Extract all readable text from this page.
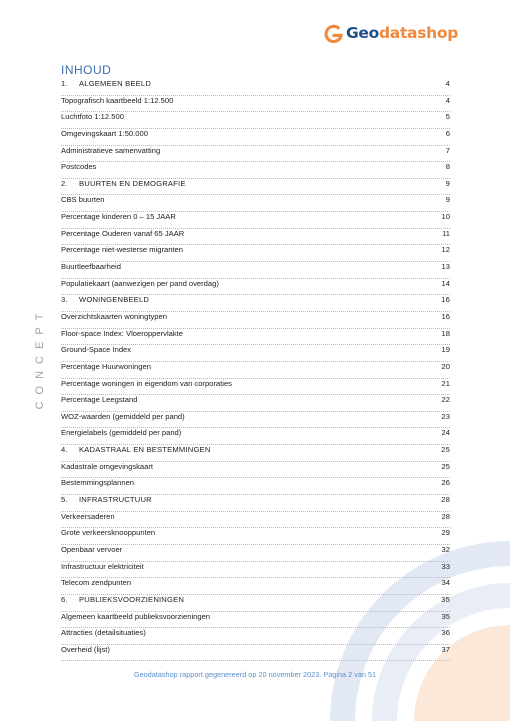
Geodatashop
CONCEPT
INHOUD
1.	ALGEMEEN BEELD	4
Topografisch kaartbeeld 1:12.500	4
Luchtfoto 1:12.500	5
Omgevingskaart 1:50.000	6
Administratieve samenvatting	7
Postcodes	8
2.	BUURTEN EN DEMOGRAFIE	9
CBS buurten	9
Percentage kinderen 0 – 15 JAAR	10
Percentage Ouderen vanaf 65 JAAR	11
Percentage niet-westerse migranten	12
Buurtleefbaarheid	13
Populatiekaart (aanwezigen per pand overdag)	14
3.	WONINGENBEELD	16
Overzichtskaarten woningtypen	16
Floor-space Index: Vloeroppervlakte	18
Ground-Space Index	19
Percentage Huurwoningen	20
Percentage woningen in eigendom van corporaties	21
Percentage Leegstand	22
WOZ-waarden (gemiddeld per pand)	23
Energielabels (gemiddeld per pand)	24
4.	KADASTRAAL EN BESTEMMINGEN	25
Kadastrale omgevingskaart	25
Bestemmingsplannen	26
5.	INFRASTRUCTUUR	28
Verkeersaderen	28
Grote verkeersknooppunten	29
Openbaar vervoer	32
Infrastructuur elektriciteit	33
Telecom zendpunten	34
6.	PUBLIEKSVOORZIENINGEN	35
Algemeen kaartbeeld publieksvoorzieningen	35
Attracties (detailsituaties)	36
Overheid (lijst)	37
Geodatashop rapport gegenereerd op 20 november 2023. Pagina 2 van 51
